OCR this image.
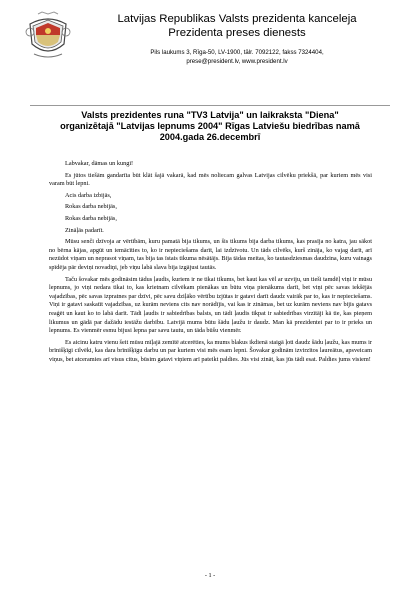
Latvijas Republikas Valsts prezidenta kanceleja
Prezidenta preses dienests
Pils laukums 3, Rīga-50, LV-1900, tālr. 7092122, fakss 7324404,
prese@president.lv, www.president.lv
Valsts prezidentes runa "TV3 Latvija" un laikraksta "Diena"
organizētajā "Latvijas lepnums 2004" Rīgas Latviešu biedrības namā
2004.gada 26.decembrī

Labvakar, dāmas un kungi!

Es jūtos tiešām gandarīta būt klāt šajā vakarā, kad mēs noliecam galvas Latvijas cilvēku priekšā, par kuriem mēs visi varam būt lepni.

Acis darba izbijās,

Rokas darba nebijās,

Rokas darba nebijās,

Zināļās padarīt.

Mūsu senči dzīvoja ar vērtībām, kuru pamatā bija tikums, un šis tikums bija darba tikums, kas prasīja no katra, jau sākot no bērna kājas, apgūt un iemācīties to, ko ir nepieciešams darīt, lai izdzīvotu. Un tāds cilvēks, kurš zināja, ko vajag darīt, arī nezūdot viņam un neprasot viņam, tas bija tas īstais tikuma nēsātājs. Bija tādas meitas, ko tautasdziesmas daudzina, kuru vainags spīdēja pār deviņi novadiņi, jeb viņu labā slava bija izgājusi tautās.

Taču šovakar mēs godināsim tādus ļaudis, kuriem ir ne tikai tikums, bet kaut kas vēl ar uzviju, un tieši tamdēļ viņi ir mūsu lepnums, jo viņi nedara tikai to, kas krietnam cilvēkam pienākas un būtu viņa pienākums darīt, bet viņi pēc savas iekšējās vajadzības, pēc savas izpratnes par dzīvi, pēc savu dziļāko vērtību izjūtas ir gatavi darīt daudz vairāk par to, kas ir nepieciešams. Viņi ir gatavi saskatīt vajadzības, uz kurām neviens cits nav norādījis, vai kas ir zināmas, bet uz kurām neviens nav bijis gatavs reaģēt un kaut ko to labā darīt. Tādi ļaudis ir sabiedrības balsts, un tādi ļaudis tikpat ir sabiedrības virzītāji kā tie, kas pieņem likumus un gādā par dažādu iestāžu darbību. Latvijā mums būtu šādu ļaužu ir daudz. Man kā prezidentei par to ir prieks un lepnums. Es vienmēr esmu bijusi lepna par savu tautu, un tāda būšu vienmēr.

Es aicinu katru vienu šeit mūsu mīļajā zemītē atcerēties, ka mums blakus ikdienā staigā ļoti daudz šādu ļaužu, kas mums ir brīnišķīgi cilvēki, kas dara brīnišķīgu darbu un par kuriem visi mēs esam lepni. Šovakar godinām izvirzītos laureātus, apsveicam viņus, bet atceramies arī visus citus, būsim gatavi viņiem arī pateikt paldies. Jūs visi zināt, kas jūs tādi esat. Paldies jums visiem!

- 1 -
